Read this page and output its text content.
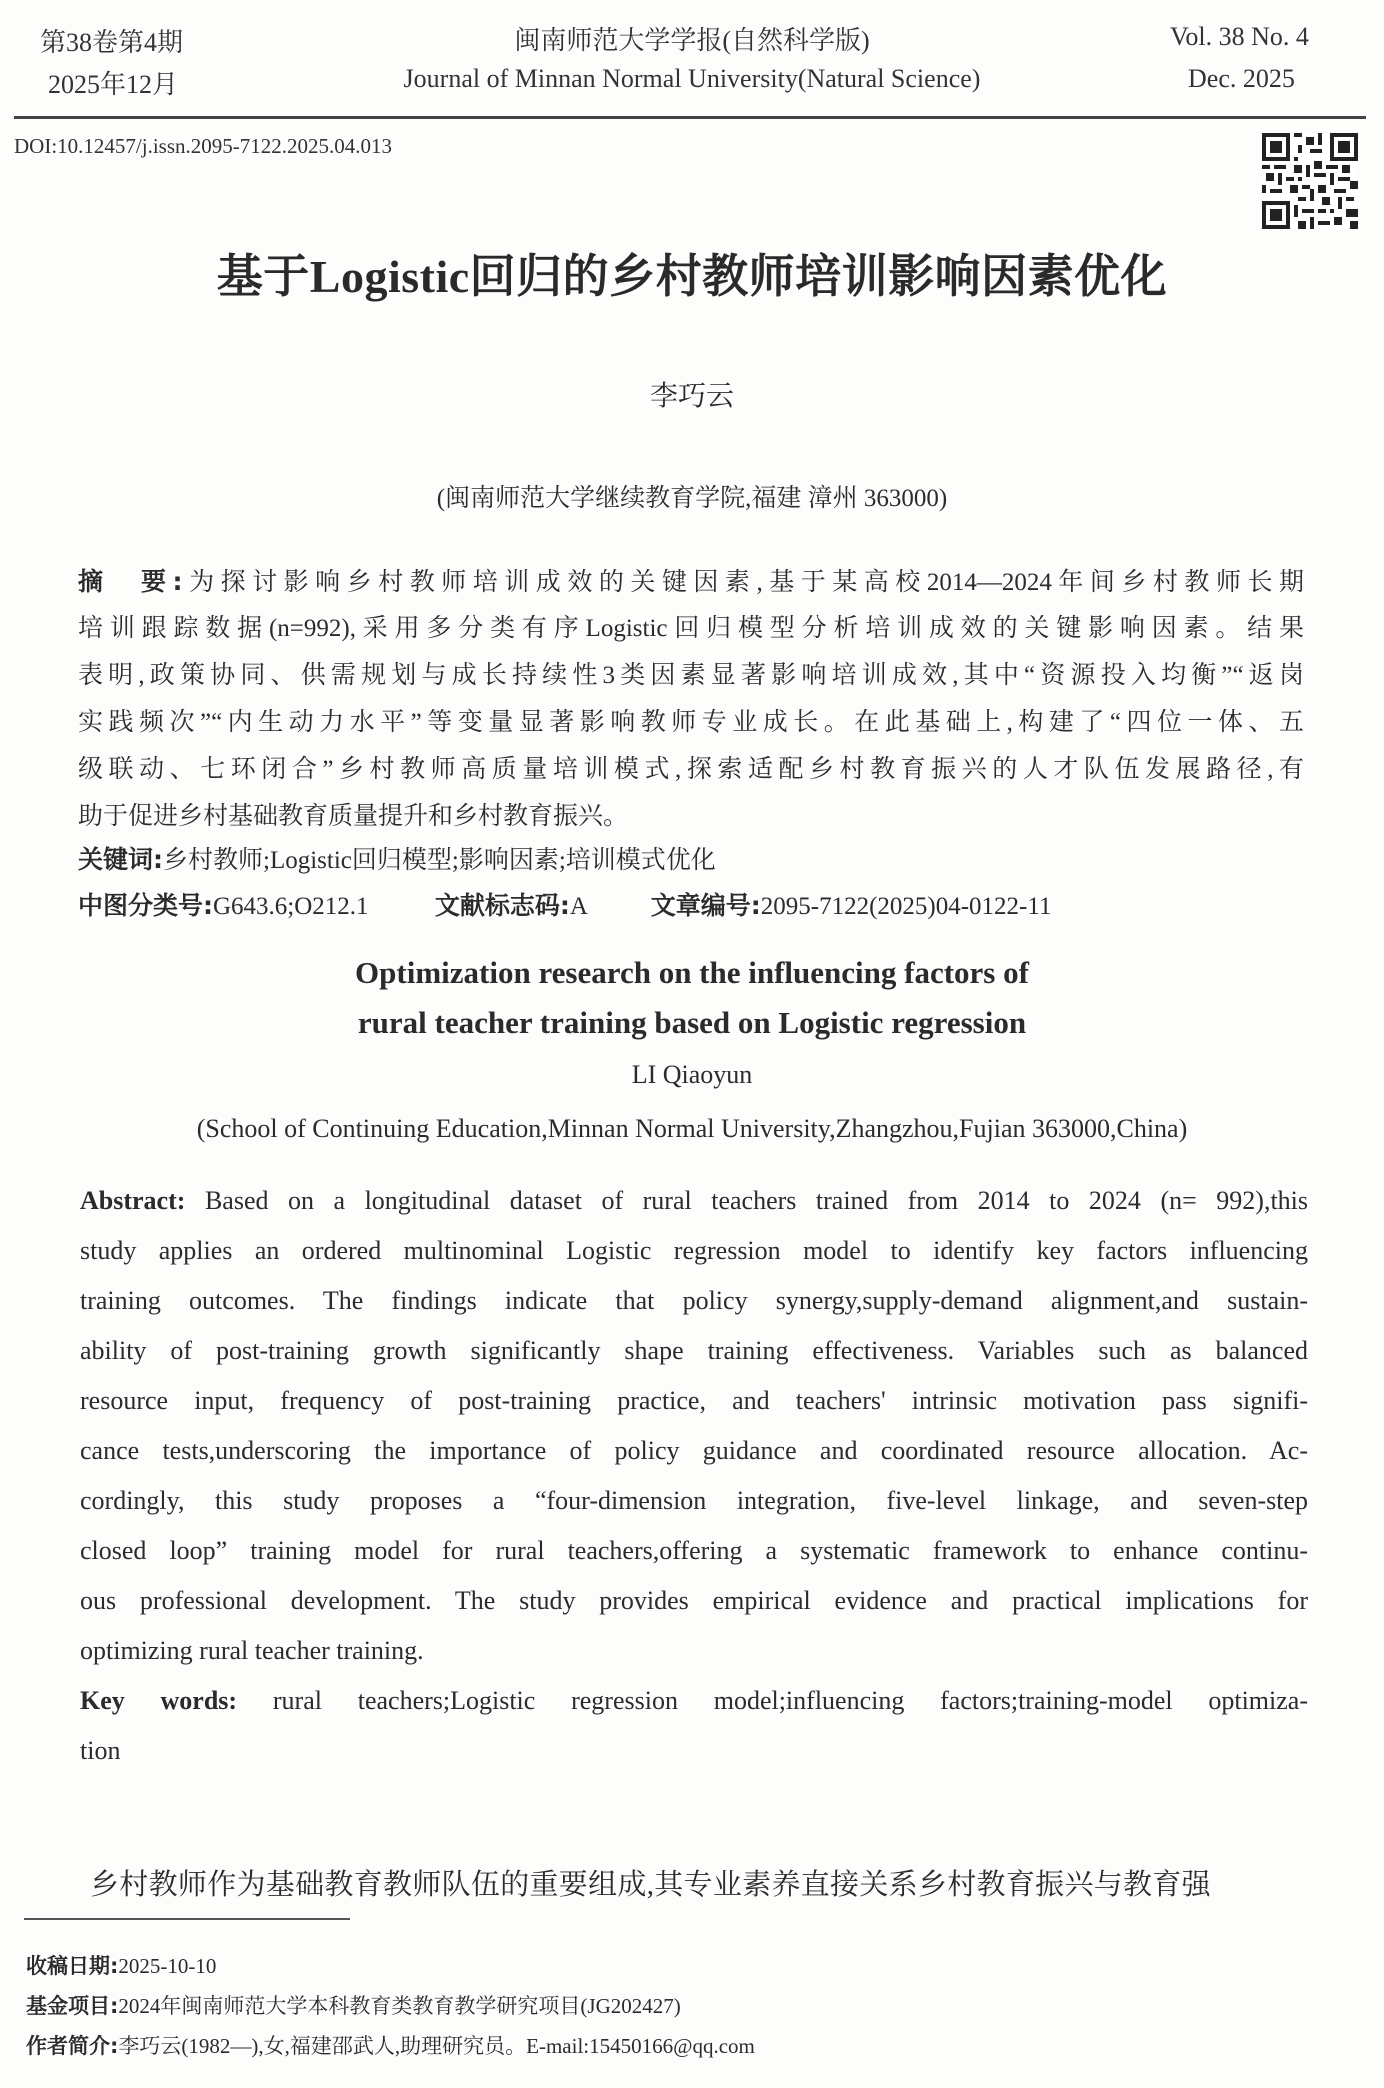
第38卷第4期
2025年12月
闽南师范大学学报(自然科学版)
Journal of Minnan Normal University(Natural Science)
Vol. 38 No. 4
Dec. 2025
DOI:10.12457/j.issn.2095-7122.2025.04.013
基于Logistic回归的乡村教师培训影响因素优化
李巧云
(闽南师范大学继续教育学院,福建 漳州 363000)
摘　要:为探讨影响乡村教师培训成效的关键因素,基于某高校2014—2024年间乡村教师长期
培训跟踪数据(n=992),采用多分类有序Logistic回归模型分析培训成效的关键影响因素。结果
表明,政策协同、供需规划与成长持续性3类因素显著影响培训成效,其中“资源投入均衡”“返岗
实践频次”“内生动力水平”等变量显著影响教师专业成长。在此基础上,构建了“四位一体、五
级联动、七环闭合”乡村教师高质量培训模式,探索适配乡村教育振兴的人才队伍发展路径,有
助于促进乡村基础教育质量提升和乡村教育振兴。
关键词:乡村教师;Logistic回归模型;影响因素;培训模式优化
中图分类号:G643.6;O212.1	文献标志码:A	文章编号:2095-7122(2025)04-0122-11
Optimization research on the influencing factors of
rural teacher training based on Logistic regression
LI Qiaoyun
(School of Continuing Education,Minnan Normal University,Zhangzhou,Fujian 363000,China)
Abstract: Based on a longitudinal dataset of rural teachers trained from 2014 to 2024 (n= 992),this
study applies an ordered multinominal Logistic regression model to identify key factors influencing
training outcomes. The findings indicate that policy synergy,supply-demand alignment,and sustain-
ability of post-training growth significantly shape training effectiveness. Variables such as balanced
resource input, frequency of post-training practice, and teachers' intrinsic motivation pass signifi-
cance tests,underscoring the importance of policy guidance and coordinated resource allocation. Ac-
cordingly, this study proposes a “four-dimension integration, five-level linkage, and seven-step
closed loop” training model for rural teachers,offering a systematic framework to enhance continu-
ous professional development. The study provides empirical evidence and practical implications for
optimizing rural teacher training.
Key words: rural teachers;Logistic regression model;influencing factors;training-model optimiza-
tion
乡村教师作为基础教育教师队伍的重要组成,其专业素养直接关系乡村教育振兴与教育强
收稿日期:2025-10-10
基金项目:2024年闽南师范大学本科教育类教育教学研究项目(JG202427)
作者简介:李巧云(1982—),女,福建邵武人,助理研究员。E-mail:15450166@qq.com
